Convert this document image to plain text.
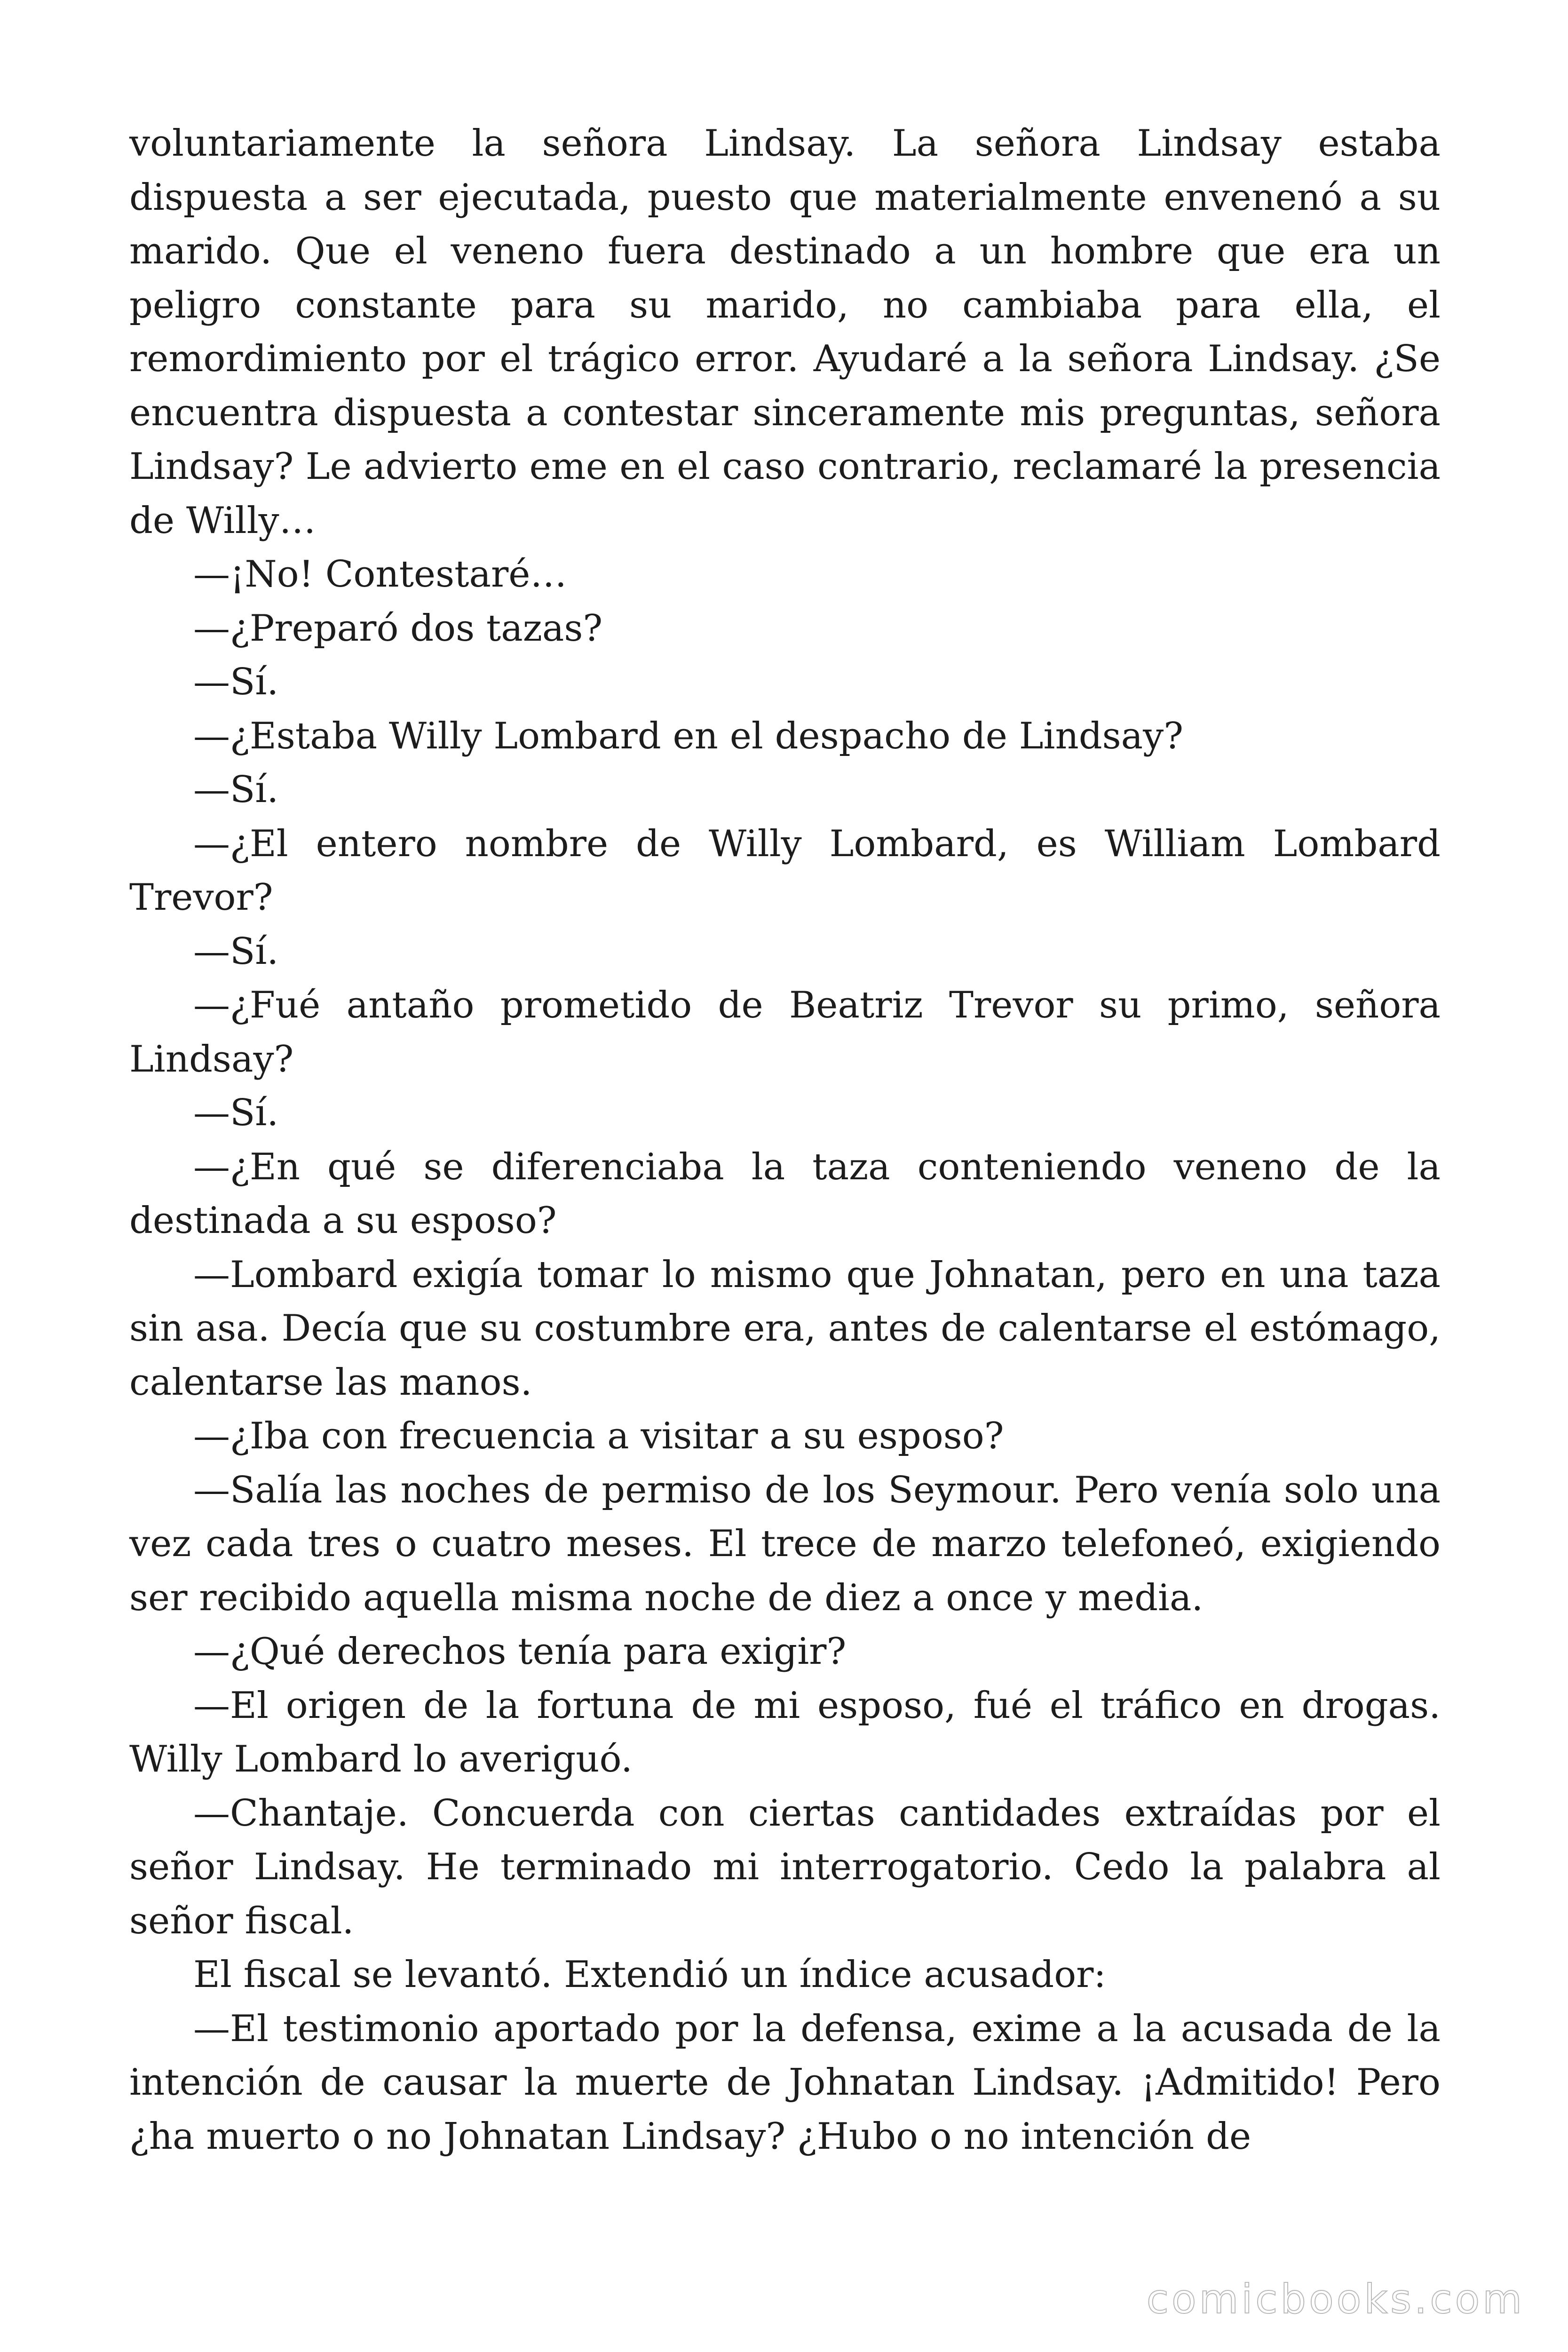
voluntariamente la señora Lindsay. La señora Lindsay estaba dispuesta a ser ejecutada, puesto que materialmente envenenó a su marido. Que el veneno fuera destinado a un hombre que era un peligro constante para su marido, no cambiaba para ella, el remordimiento por el trágico error. Ayudaré a la señora Lindsay. ¿Se encuentra dispuesta a contestar sinceramente mis preguntas, señora Lindsay? Le advierto eme en el caso contrario, reclamaré la presencia de Willy…

—¡No! Contestaré…

—¿Preparó dos tazas?

—Sí.

—¿Estaba Willy Lombard en el despacho de Lindsay?

—Sí.

—¿El entero nombre de Willy Lombard, es William Lombard Trevor?

—Sí.

—¿Fué antaño prometido de Beatriz Trevor su primo, señora Lindsay?

—Sí.

—¿En qué se diferenciaba la taza conteniendo veneno de la destinada a su esposo?

—Lombard exigía tomar lo mismo que Johnatan, pero en una taza sin asa. Decía que su costumbre era, antes de calentarse el estómago, calentarse las manos.

—¿Iba con frecuencia a visitar a su esposo?

—Salía las noches de permiso de los Seymour. Pero venía solo una vez cada tres o cuatro meses. El trece de marzo telefoneó, exigiendo ser recibido aquella misma noche de diez a once y media.

—¿Qué derechos tenía para exigir?

—El origen de la fortuna de mi esposo, fué el tráfico en drogas. Willy Lombard lo averiguó.

—Chantaje. Concuerda con ciertas cantidades extraídas por el señor Lindsay. He terminado mi interrogatorio. Cedo la palabra al señor fiscal.

El fiscal se levantó. Extendió un índice acusador:

—El testimonio aportado por la defensa, exime a la acusada de la intención de causar la muerte de Johnatan Lindsay. ¡Admitido! Pero ¿ha muerto o no Johnatan Lindsay? ¿Hubo o no intención de

comicbooks.com
